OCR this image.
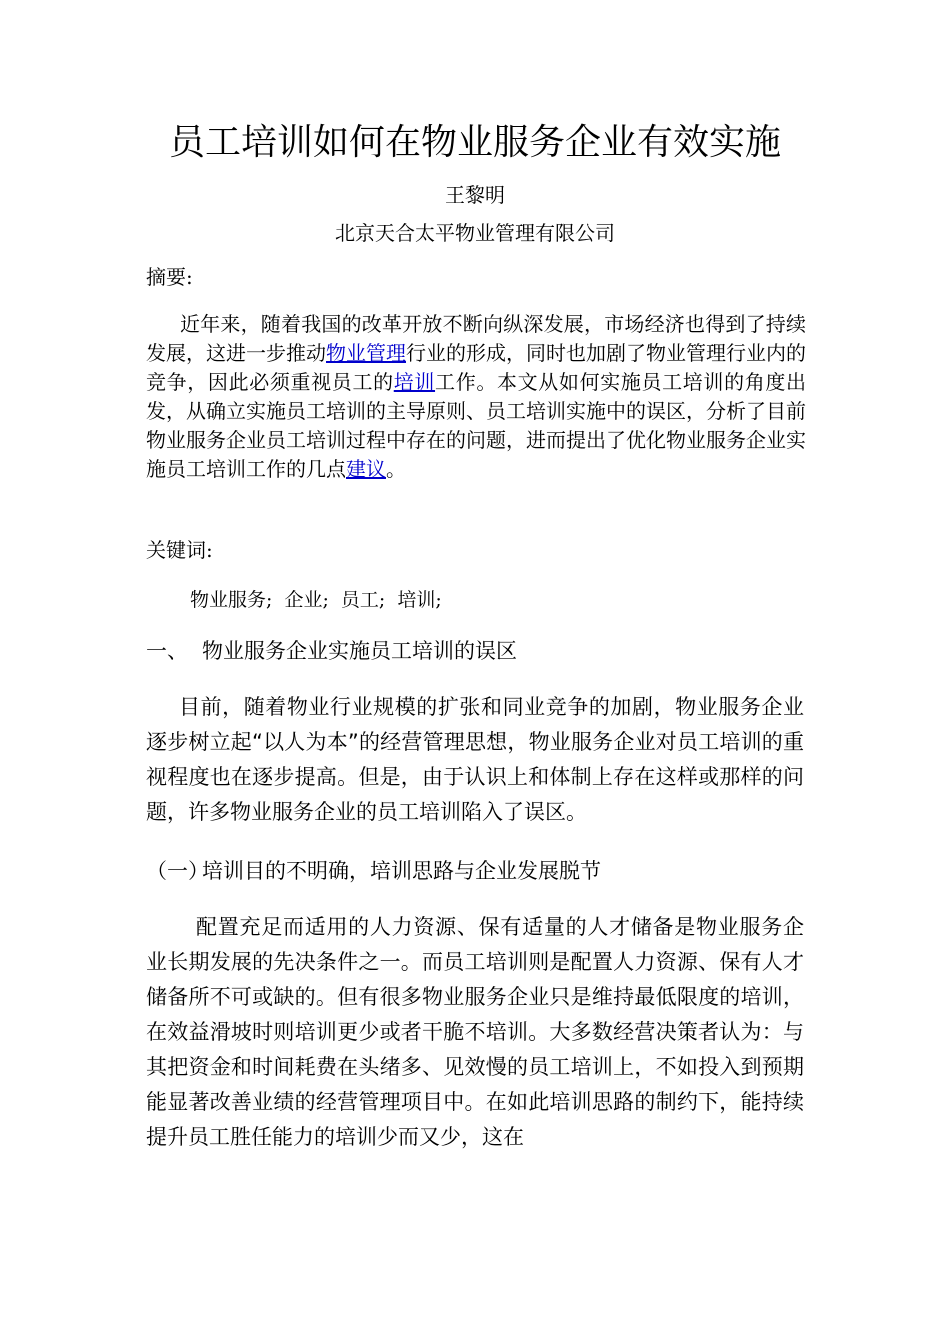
员工培训如何在物业服务企业有效实施
王黎明
北京天合太平物业管理有限公司
摘要:

近年来，随着我国的改革开放不断向纵深发展，市场经济也得到了持续发展，这进一步推动物业管理行业的形成，同时也加剧了物业管理行业内的竞争，因此必须重视员工的培训工作。本文从如何实施员工培训的角度出发，从确立实施员工培训的主导原则、员工培训实施中的误区，分析了目前物业服务企业员工培训过程中存在的问题，进而提出了优化物业服务企业实施员工培训工作的几点建议。

关键词:
物业服务; 企业; 员工; 培训;
一、 物业服务企业实施员工培训的误区

目前，随着物业行业规模的扩张和同业竞争的加剧，物业服务企业逐步树立起“以人为本”的经营管理思想，物业服务企业对员工培训的重视程度也在逐步提高。但是，由于认识上和体制上存在这样或那样的问题，许多物业服务企业的员工培训陷入了误区。

（一）培训目的不明确，培训思路与企业发展脱节

配置充足而适用的人力资源、保有适量的人才储备是物业服务企业长期发展的先决条件之一。而员工培训则是配置人力资源、保有人才储备所不可或缺的。但有很多物业服务企业只是维持最低限度的培训，在效益滑坡时则培训更少或者干脆不培训。大多数经营决策者认为：与其把资金和时间耗费在头绪多、见效慢的员工培训上，不如投入到预期能显著改善业绩的经营管理项目中。在如此培训思路的制约下，能持续提升员工胜任能力的培训少而又少，这在
